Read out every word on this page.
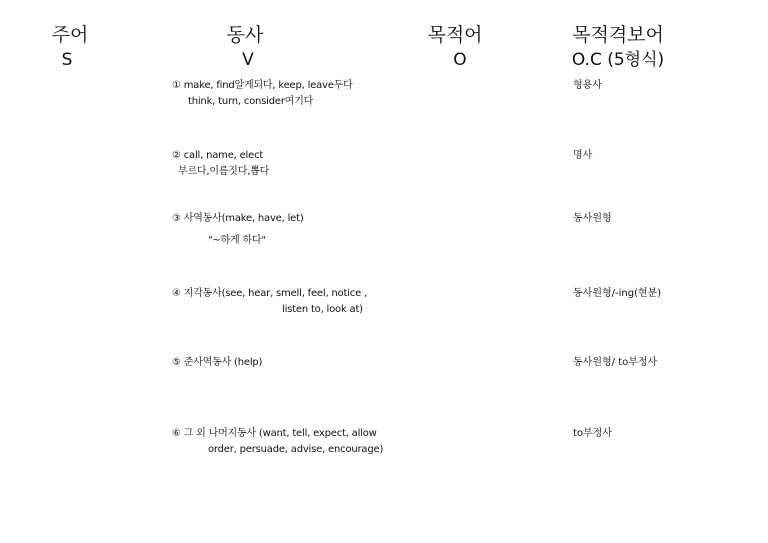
주어
S
동사
V
목적어
O
목적격보어
O.C (5형식)
① make, find알게되다, keep, leave두다
think, turn, consider여기다
형용사
② call, name, elect
부르다,이름짓다,뽑다
명사
③ 사역동사(make, have, let)
"~하게 하다"
동사원형
④ 지각동사(see, hear, smell, feel, notice ,
listen to, look at)
동사원형/-ing(현분)
⑤ 준사역동사 (help)	동사원형/ to부정사
⑥ 그 외 나머지동사 (want, tell, expect, allow
order, persuade, advise, encourage)
to부정사
